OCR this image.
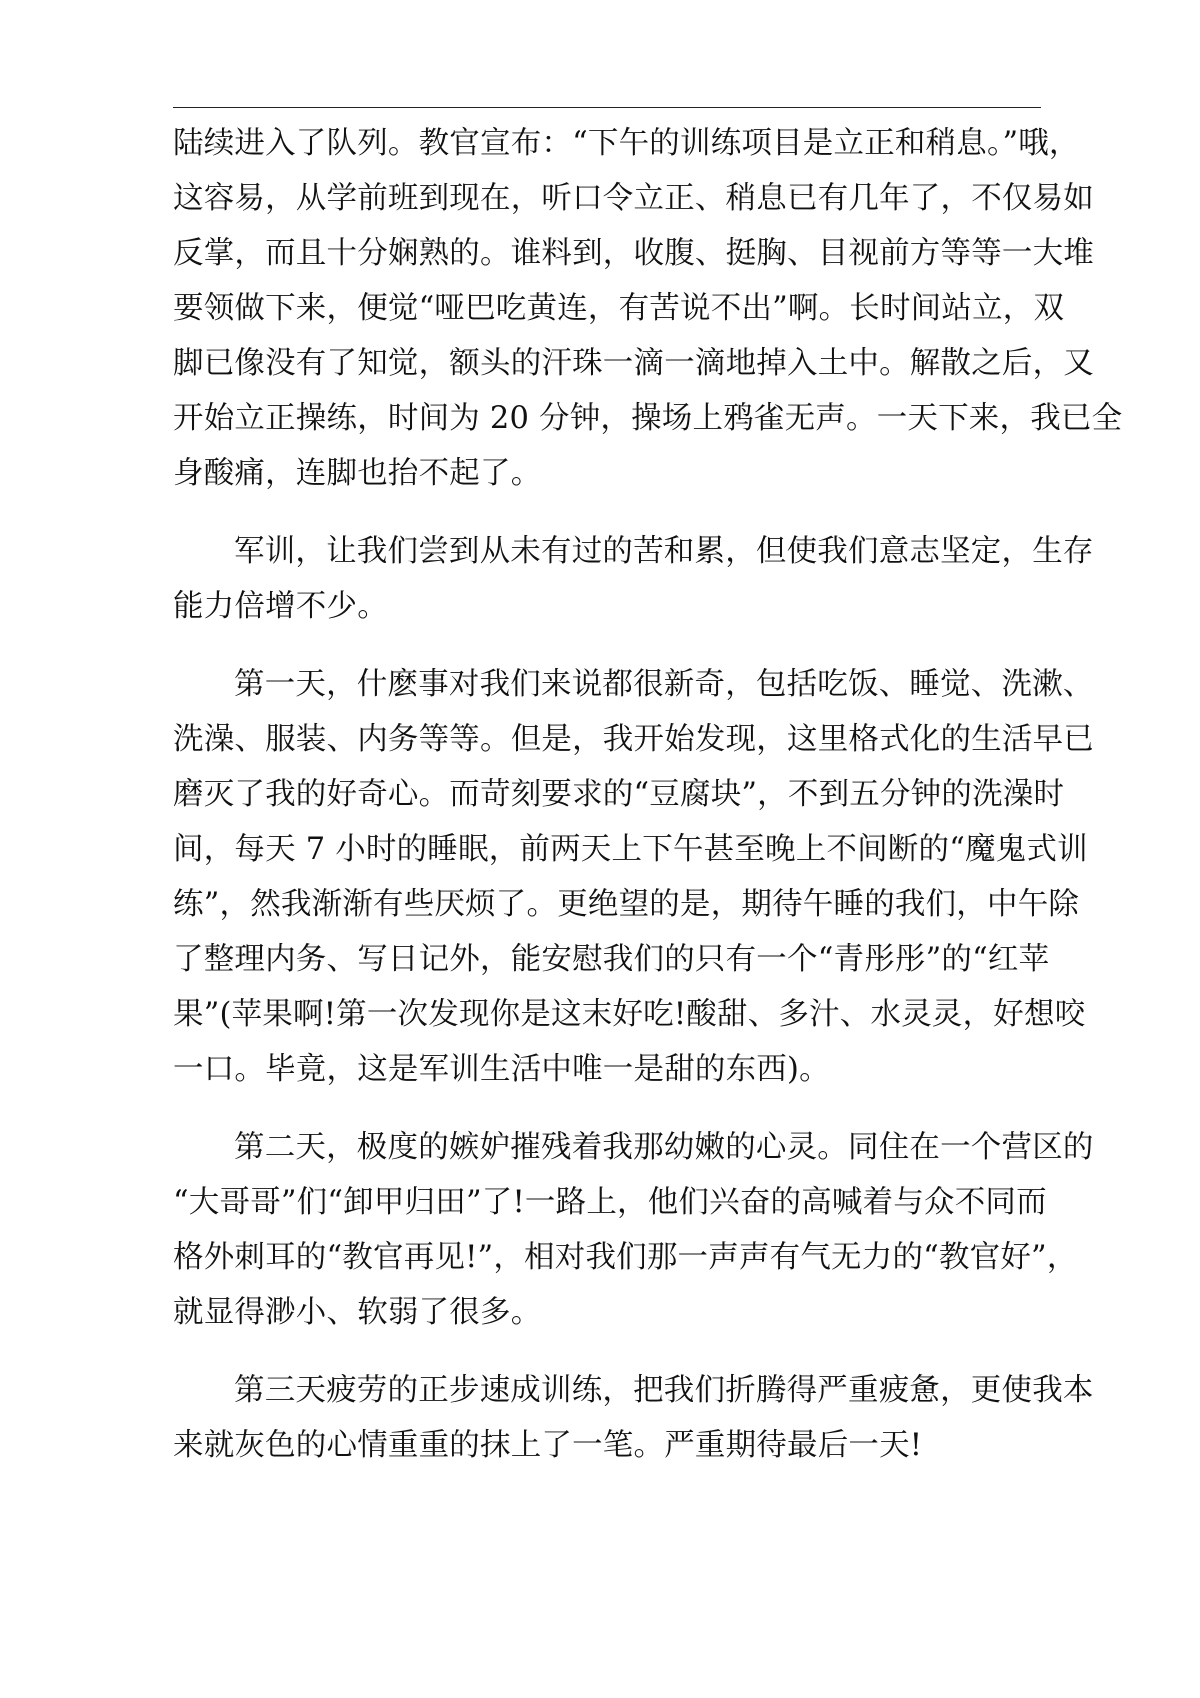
陆续进入了队列。教官宣布：“下午的训练项目是立正和稍息。”哦，
这容易，从学前班到现在，听口令立正、稍息已有几年了，不仅易如
反掌，而且十分娴熟的。谁料到，收腹、挺胸、目视前方等等一大堆
要领做下来，便觉“哑巴吃黄连，有苦说不出”啊。长时间站立，双
脚已像没有了知觉，额头的汗珠一滴一滴地掉入土中。解散之后，又
开始立正操练，时间为 20 分钟，操场上鸦雀无声。一天下来，我已全
身酸痛，连脚也抬不起了。

军训，让我们尝到从未有过的苦和累，但使我们意志坚定，生存
能力倍增不少。

第一天，什麽事对我们来说都很新奇，包括吃饭、睡觉、洗漱、
洗澡、服装、内务等等。但是，我开始发现，这里格式化的生活早已
磨灭了我的好奇心。而苛刻要求的“豆腐块”，不到五分钟的洗澡时
间，每天 7 小时的睡眠，前两天上下午甚至晚上不间断的“魔鬼式训
练”，然我渐渐有些厌烦了。更绝望的是，期待午睡的我们，中午除
了整理内务、写日记外，能安慰我们的只有一个“青彤彤”的“红苹
果”(苹果啊!第一次发现你是这末好吃!酸甜、多汁、水灵灵，好想咬
一口。毕竟，这是军训生活中唯一是甜的东西)。

第二天，极度的嫉妒摧残着我那幼嫩的心灵。同住在一个营区的
“大哥哥”们“卸甲归田”了!一路上，他们兴奋的高喊着与众不同而
格外刺耳的“教官再见!”，相对我们那一声声有气无力的“教官好”，
就显得渺小、软弱了很多。

第三天疲劳的正步速成训练，把我们折腾得严重疲惫，更使我本
来就灰色的心情重重的抹上了一笔。严重期待最后一天!
